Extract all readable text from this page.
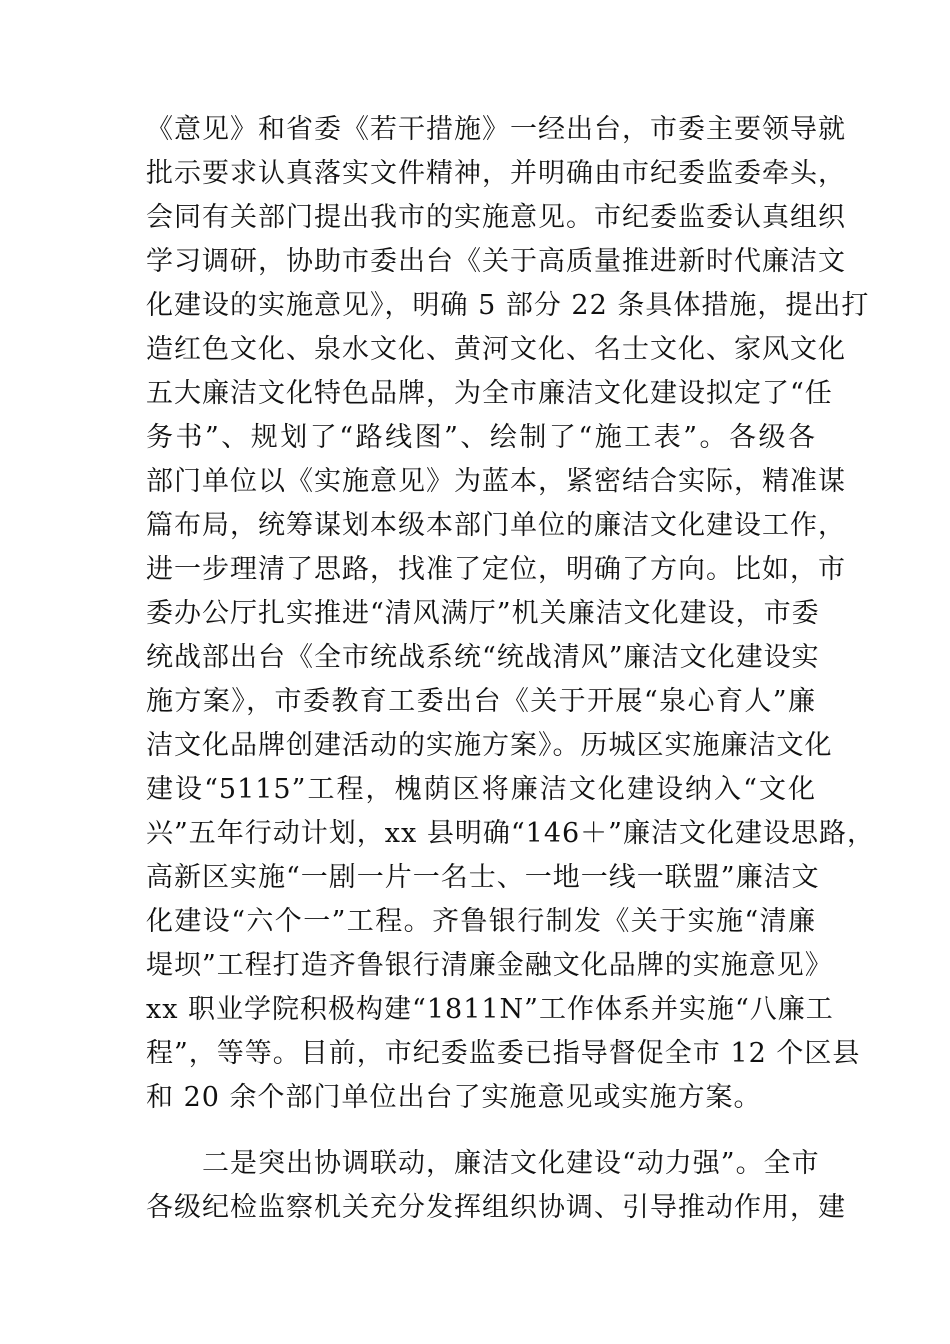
《意见》和省委《若干措施》一经出台，市委主要领导就
批示要求认真落实文件精神，并明确由市纪委监委牵头，
会同有关部门提出我市的实施意见。市纪委监委认真组织
学习调研，协助市委出台《关于高质量推进新时代廉洁文
化建设的实施意见》，明确 5 部分 22 条具体措施，提出打
造红色文化、泉水文化、黄河文化、名士文化、家风文化
五大廉洁文化特色品牌，为全市廉洁文化建设拟定了“任
务书”、规划了“路线图”、绘制了“施工表”。各级各
部门单位以《实施意见》为蓝本，紧密结合实际，精准谋
篇布局，统筹谋划本级本部门单位的廉洁文化建设工作，
进一步理清了思路，找准了定位，明确了方向。比如，市
委办公厅扎实推进“清风满厅”机关廉洁文化建设，市委
统战部出台《全市统战系统“统战清风”廉洁文化建设实
施方案》，市委教育工委出台《关于开展“泉心育人”廉
洁文化品牌创建活动的实施方案》。历城区实施廉洁文化
建设“5115”工程，槐荫区将廉洁文化建设纳入“文化
兴”五年行动计划，xx 县明确“146＋”廉洁文化建设思路，
高新区实施“一剧一片一名士、一地一线一联盟”廉洁文
化建设“六个一”工程。齐鲁银行制发《关于实施“清廉
堤坝”工程打造齐鲁银行清廉金融文化品牌的实施意见》
xx 职业学院积极构建“1811N”工作体系并实施“八廉工
程”，等等。目前，市纪委监委已指导督促全市 12 个区县
和 20 余个部门单位出台了实施意见或实施方案。
二是突出协调联动，廉洁文化建设“动力强”。全市
各级纪检监察机关充分发挥组织协调、引导推动作用，建
